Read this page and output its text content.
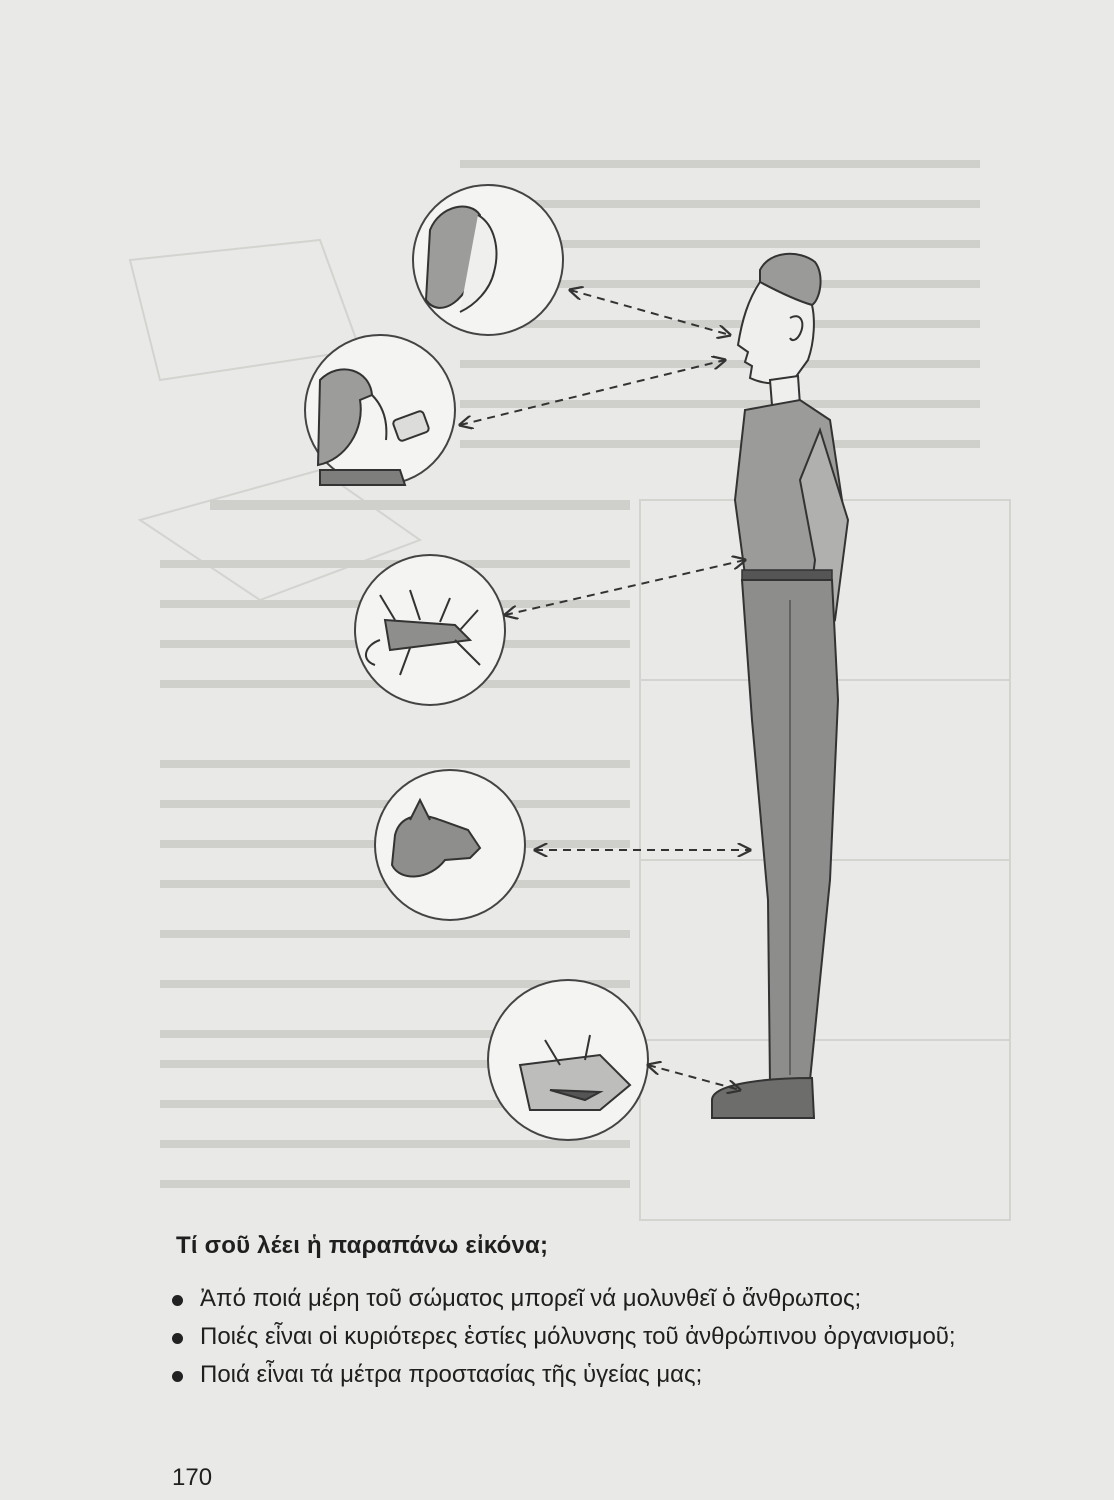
Τί σοῦ λέει ἡ παραπάνω εἰκόνα;
Ἀπό ποιά μέρη τοῦ σώματος μπορεῖ νά μολυνθεῖ ὁ ἄνθρωπος;
Ποιές εἶναι οἱ κυριότερες ἑστίες μόλυνσης τοῦ ἀνθρώπινου ὀργανισμοῦ;
Ποιά εἶναι τά μέτρα προστασίας τῆς ὑγείας μας;
170
